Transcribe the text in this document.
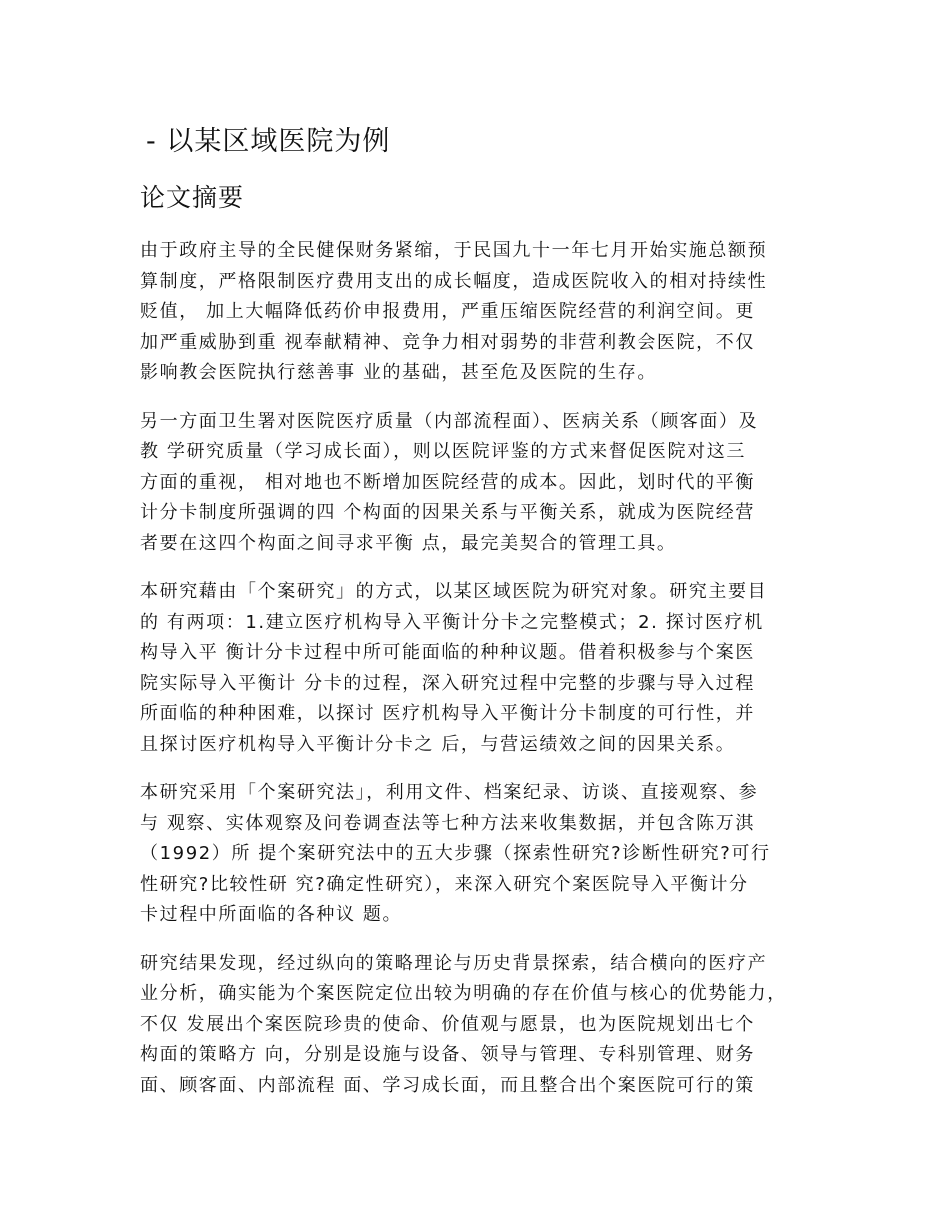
- 以某区域医院为例
论文摘要
由于政府主导的全民健保财务紧缩，于民国九十一年七月开始实施总额预
算制度，严格限制医疗费用支出的成长幅度，造成医院收入的相对持续性
贬值， 加上大幅降低药价申报费用，严重压缩医院经营的利润空间。更
加严重威胁到重 视奉献精神、竞争力相对弱势的非营利教会医院，不仅
影响教会医院执行慈善事 业的基础，甚至危及医院的生存。
另一方面卫生署对医院医疗质量（内部流程面）、医病关系（顾客面）及
教 学研究质量（学习成长面），则以医院评鉴的方式来督促医院对这三
方面的重视， 相对地也不断增加医院经营的成本。因此，划时代的平衡
计分卡制度所强调的四 个构面的因果关系与平衡关系，就成为医院经营
者要在这四个构面之间寻求平衡 点，最完美契合的管理工具。
本研究藉由「个案研究」的方式，以某区域医院为研究对象。研究主要目
的 有两项：1.建立医疗机构导入平衡计分卡之完整模式；2. 探讨医疗机
构导入平 衡计分卡过程中所可能面临的种种议题。借着积极参与个案医
院实际导入平衡计 分卡的过程，深入研究过程中完整的步骤与导入过程
所面临的种种困难，以探讨 医疗机构导入平衡计分卡制度的可行性，并
且探讨医疗机构导入平衡计分卡之 后，与营运绩效之间的因果关系。
本研究采用「个案研究法」，利用文件、档案纪录、访谈、直接观察、参
与 观察、实体观察及问卷调查法等七种方法来收集数据，并包含陈万淇
（1992）所 提个案研究法中的五大步骤（探索性研究?诊断性研究?可行
性研究?比较性研 究?确定性研究），来深入研究个案医院导入平衡计分
卡过程中所面临的各种议 题。
研究结果发现，经过纵向的策略理论与历史背景探索，结合横向的医疗产
业分析，确实能为个案医院定位出较为明确的存在价值与核心的优势能力，
不仅 发展出个案医院珍贵的使命、价值观与愿景，也为医院规划出七个
构面的策略方 向，分别是设施与设备、领导与管理、专科别管理、财务
面、顾客面、内部流程 面、学习成长面，而且整合出个案医院可行的策
